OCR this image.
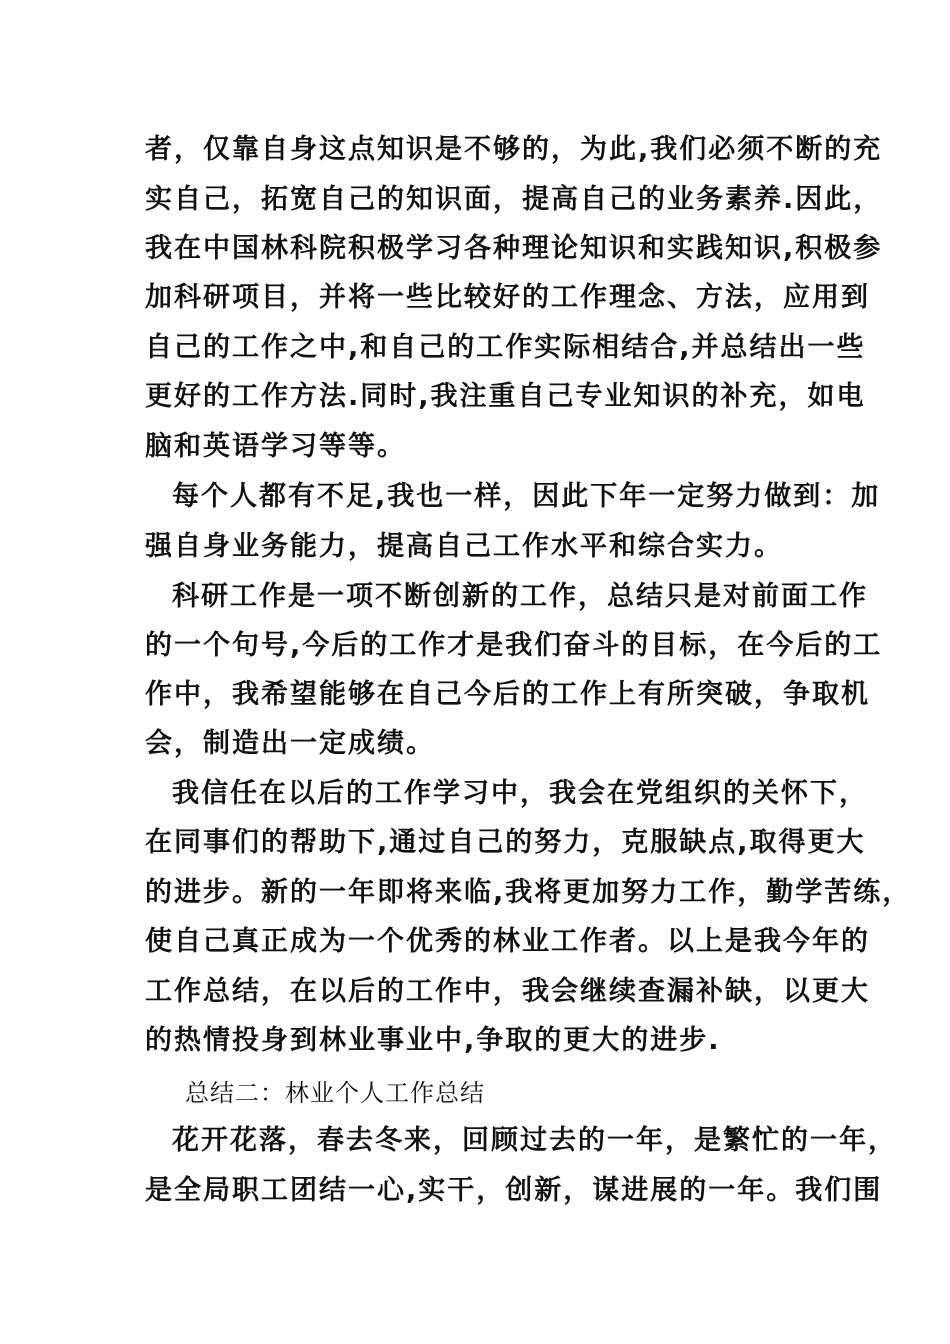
者，仅靠自身这点知识是不够的，为此,我们必须不断的充
实自己，拓宽自己的知识面，提高自己的业务素养.因此，
我在中国林科院积极学习各种理论知识和实践知识,积极参
加科研项目，并将一些比较好的工作理念、方法，应用到
自己的工作之中,和自己的工作实际相结合,并总结出一些
更好的工作方法.同时,我注重自己专业知识的补充，如电
脑和英语学习等等。
每个人都有不足,我也一样，因此下年一定努力做到：加
强自身业务能力，提高自己工作水平和综合实力。
科研工作是一项不断创新的工作，总结只是对前面工作
的一个句号,今后的工作才是我们奋斗的目标，在今后的工
作中，我希望能够在自己今后的工作上有所突破，争取机
会，制造出一定成绩。
我信任在以后的工作学习中，我会在党组织的关怀下，
在同事们的帮助下,通过自己的努力，克服缺点,取得更大
的进步。新的一年即将来临,我将更加努力工作，勤学苦练，
使自己真正成为一个优秀的林业工作者。以上是我今年的
工作总结，在以后的工作中，我会继续查漏补缺，以更大
的热情投身到林业事业中,争取的更大的进步.
总结二：林业个人工作总结
花开花落，春去冬来，回顾过去的一年，是繁忙的一年，
是全局职工团结一心,实干，创新，谋进展的一年。我们围
